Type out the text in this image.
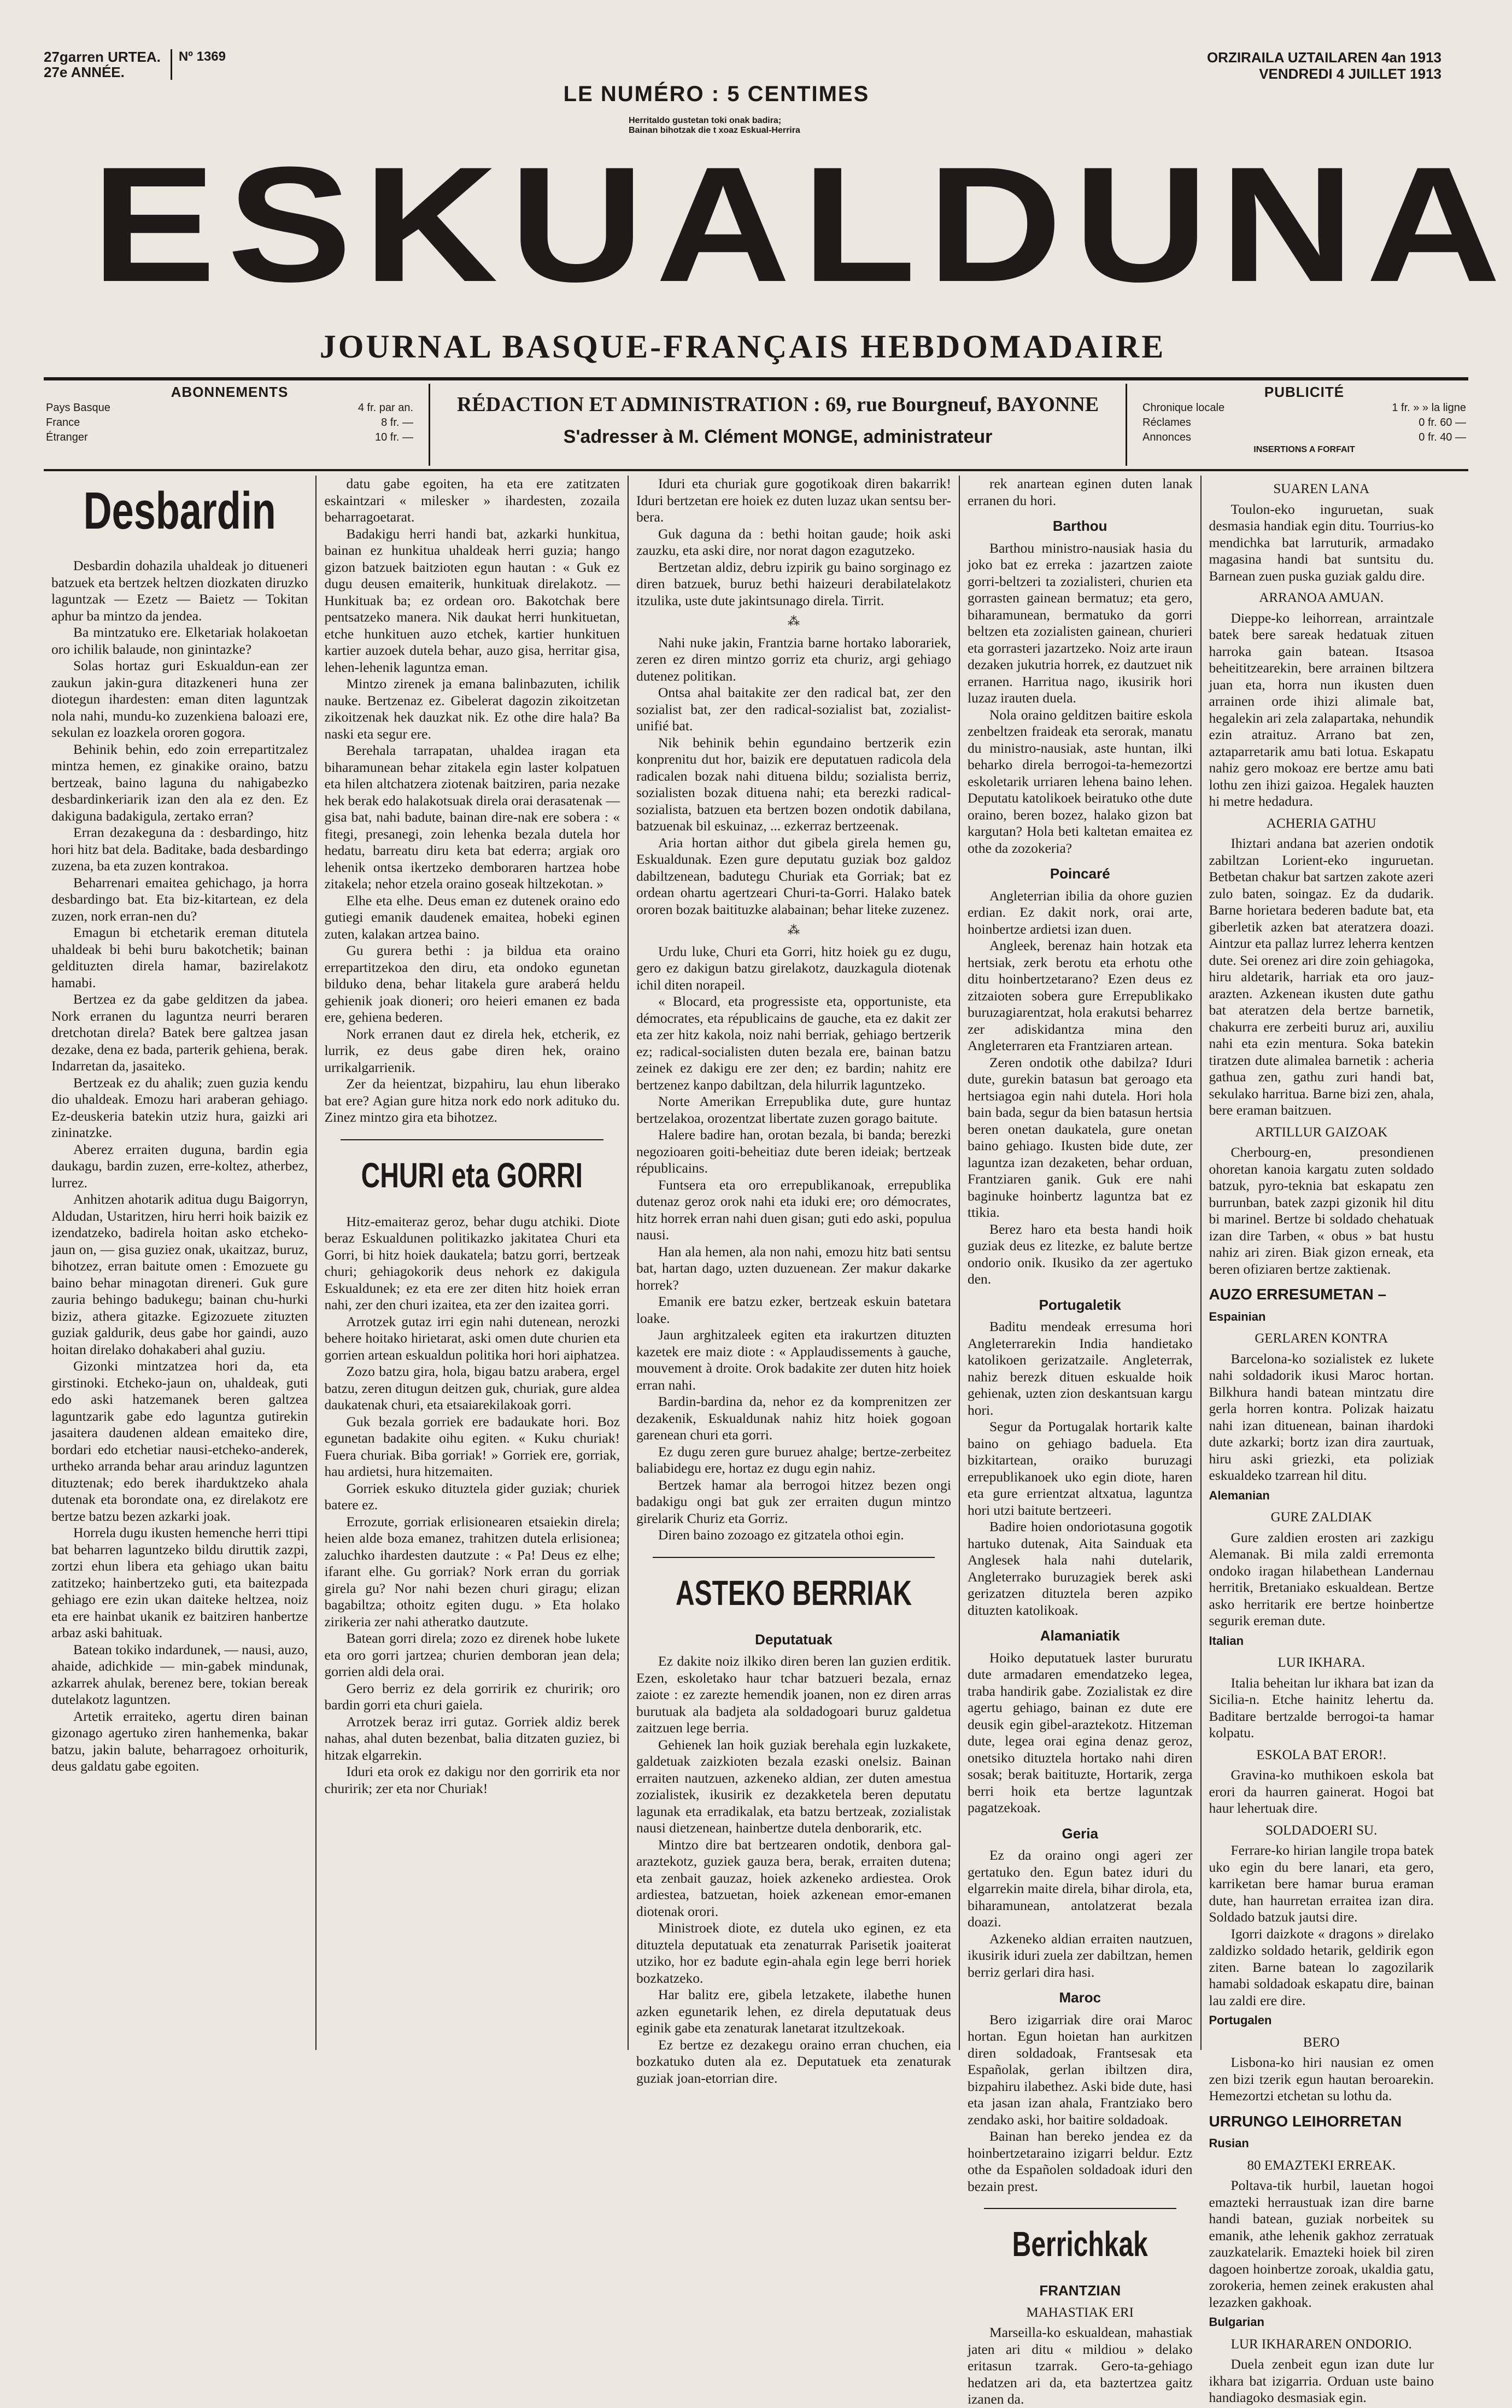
27garren URTEA.
27e ANNÉE.
Nº 1369
LE NUMÉRO : 5 CENTIMES
ORZIRAILA UZTAILAREN 4an 1913
VENDREDI 4 JUILLET 1913
Herritaldo gustetan toki onak badira;
Bainan bihotzak die t xoaz Eskual-Herrira
ESKUALDUNA
JOURNAL BASQUE-FRANÇAIS HEBDOMADAIRE
ABONNEMENTS
Pays Basque	4 fr. par an.
France	8 fr. —
Étranger	10 fr. —
RÉDACTION ET ADMINISTRATION : 69, rue Bourgneuf, BAYONNE
S'adresser à M. Clément MONGE, administrateur
PUBLICITÉ
Chronique locale	1 fr. » » la ligne
Réclames	0 fr. 60 —
Annonces	0 fr. 40 —
INSERTIONS A FORFAIT
Desbardin

Desbardin dohazila uhaldeak jo ditueneri batzuek eta bertzek heltzen diozkaten diruzko laguntzak — Ezetz — Baietz — Tokitan aphur ba mintzo da jendea.

Ba mintzatuko ere. Elketariak holakoetan oro ichilik balaude, non ginintazke?

Solas hortaz guri Eskualdun-ean zer zaukun jakin-gura ditazkeneri huna zer diotegun ihardesten: eman diten laguntzak nola nahi, mundu-ko zuzenkiena baloazi ere, sekulan ez loazkela ororen gogora.

Behinik behin, edo zoin errepartitzalez mintza hemen, ez ginakike oraino, batzu bertzeak, baino laguna du nahigabezko desbardinkeriarik izan den ala ez den. Ez dakiguna badakigula, zertako erran?

Erran dezakeguna da : desbardingo, hitz hori hitz bat dela. Baditake, bada desbardingo zuzena, ba eta zuzen kontrakoa.

Beharrenari emaitea gehichago, ja horra desbardingo bat. Eta biz-kitartean, ez dela zuzen, nork erran-nen du?

Emagun bi etchetarik ereman ditutela uhaldeak bi behi buru bakotchetik; bainan geldituzten direla hamar, bazirelakotz hamabi.

Bertzea ez da gabe gelditzen da jabea. Nork erranen du laguntza neurri beraren dretchotan direla? Batek bere galtzea jasan dezake, dena ez bada, parterik gehiena, berak. Indarretan da, jasaiteko.

Bertzeak ez du ahalik; zuen guzia kendu dio uhaldeak. Emozu hari araberan gehiago. Ez-deuskeria batekin utziz hura, gaizki ari zininatzke.

Aberez erraiten duguna, bardin egia daukagu, bardin zuzen, erre-koltez, atherbez, lurrez.

Anhitzen ahotarik aditua dugu Baigorryn, Aldudan, Ustaritzen, hiru herri hoik baizik ez izendatzeko, badirela hoitan asko etcheko-jaun on, — gisa guziez onak, ukaitzaz, buruz, bihotzez, erran baitute omen : Emozuete gu baino behar minagotan direneri. Guk gure zauria behingo badukegu; bainan chu-hurki biziz, athera gitazke. Egizozuete zituzten guziak galdurik, deus gabe hor gaindi, auzo hoitan direlako dohakaberi ahal guziu.

Gizonki mintzatzea hori da, eta girstinoki. Etcheko-jaun on, uhaldeak, guti edo aski hatzemanek beren galtzea laguntzarik gabe edo laguntza gutirekin jasaitera daudenen aldean emaiteko dire, bordari edo etchetiar nausi-etcheko-anderek, urtheko arranda behar arau arinduz laguntzen dituztenak; edo berek iharduktzeko ahala dutenak eta borondate ona, ez direlakotz ere bertze batzu bezen azkarki joak.

Horrela dugu ikusten hemenche herri ttipi bat beharren laguntzeko bildu diruttik zazpi, zortzi ehun libera eta gehiago ukan baitu zatitzeko; hainbertzeko guti, eta baitezpada gehiago ere ezin ukan daiteke heltzea, noiz eta ere hainbat ukanik ez baitziren hanbertze arbaz aski bahituak.

Batean tokiko indardunek, — nausi, auzo, ahaide, adichkide — min-gabek mindunak, azkarrek ahulak, berenez bere, tokian bereak dutelakotz laguntzen.

Artetik erraiteko, agertu diren bainan gizonago agertuko ziren hanhemenka, bakar batzu, jakin balute, beharragoez orhoiturik, deus galdatu gabe egoiten.

datu gabe egoiten, ha eta ere zatitzaten eskaintzari « milesker » ihardesten, zozaila beharragoetarat.

Badakigu herri handi bat, azkarki hunkitua, bainan ez hunkitua uhaldeak herri guzia; hango gizon batzuek baitzioten egun hautan : « Guk ez dugu deusen emaiterik, hunkituak direlakotz. — Hunkituak ba; ez ordean oro. Bakotchak bere pentsatzeko manera. Nik daukat herri hunkituetan, etche hunkituen auzo etchek, kartier hunkituen kartier auzoek dutela behar, auzo gisa, herritar gisa, lehen-lehenik laguntza eman.

Mintzo zirenek ja emana balinbazuten, ichilik nauke. Bertzenaz ez. Gibelerat dagozin zikoitzetan zikoitzenak hek dauzkat nik. Ez othe dire hala? Ba naski eta segur ere.

Berehala tarrapatan, uhaldea iragan eta biharamunean behar zitakela egin laster kolpatuen eta hilen altchatzera ziotenak baitziren, paria nezake hek berak edo halakotsuak direla orai derasatenak — gisa bat, nahi badute, bainan dire-nak ere sobera : « fitegi, presanegi, zoin lehenka bezala dutela hor hedatu, barreatu diru keta bat ederra; argiak oro lehenik ontsa ikertzeko demboraren hartzea hobe zitakela; nehor etzela oraino goseak hiltzekotan. »

Elhe eta elhe. Deus eman ez dutenek oraino edo gutiegi emanik daudenek emaitea, hobeki eginen zuten, kalakan artzea baino.

Gu gurera bethi : ja bildua eta oraino errepartitzekoa den diru, eta ondoko egunetan bilduko dena, behar litakela gure araberá heldu gehienik joak dioneri; oro heieri emanen ez bada ere, gehiena bederen.

Nork erranen daut ez direla hek, etcherik, ez lurrik, ez deus gabe diren hek, oraino urrikalgarrienik.

Zer da heientzat, bizpahiru, lau ehun liberako bat ere? Agian gure hitza nork edo nork adituko du. Zinez mintzo gira eta bihotzez.

CHURI eta GORRI

Hitz-emaiteraz geroz, behar dugu atchiki. Diote beraz Eskualdunen politikazko jakitatea Churi eta Gorri, bi hitz hoiek daukatela; batzu gorri, bertzeak churi; gehiagokorik deus nehork ez dakigula Eskualdunek; ez eta ere zer diten hitz hoiek erran nahi, zer den churi izaitea, eta zer den izaitea gorri.

Arrotzek gutaz irri egin nahi dutenean, nerozki behere hoitako hirietarat, aski omen dute churien eta gorrien artean eskualdun politika hori hori aiphatzea.

Zozo batzu gira, hola, bigau batzu arabera, ergel batzu, zeren ditugun deitzen guk, churiak, gure aldea daukatenak churi, eta etsaiarekilakoak gorri.

Guk bezala gorriek ere badaukate hori. Boz egunetan badakite oihu egiten. « Kuku churiak! Fuera churiak. Biba gorriak! » Gorriek ere, gorriak, hau ardietsi, hura hitzemaiten.

Gorriek eskuko dituztela gider guziak; churiek batere ez.

Errozute, gorriak erlisionearen etsaiekin direla; heien alde boza emanez, trahitzen dutela erlisionea; zaluchko ihardesten dautzute : « Pa! Deus ez elhe; ifarant elhe. Gu gorriak? Nork erran du gorriak girela gu? Nor nahi bezen churi giragu; elizan bagabiltza; othoitz egiten dugu. » Eta holako zirikeria zer nahi atheratko dautzute.

Batean gorri direla; zozo ez direnek hobe lukete eta oro gorri jartzea; churien demboran jean dela; gorrien aldi dela orai.

Gero berriz ez dela gorririk ez churirik; oro bardin gorri eta churi gaiela.

Arrotzek beraz irri gutaz. Gorriek aldiz berek nahas, ahal duten bezenbat, balia ditzaten guziez, bi hitzak elgarrekin.

Iduri eta orok ez dakigu nor den gorririk eta nor churirik; zer eta nor Churiak!

Iduri eta churiak gure gogotikoak diren bakarrik! Iduri bertzetan ere hoiek ez duten luzaz ukan sentsu ber-bera.

Guk daguna da : bethi hoitan gaude; hoik aski zauzku, eta aski dire, nor norat dagon ezagutzeko.

Bertzetan aldiz, debru izpirik gu baino sorginago ez diren batzuek, buruz bethi haizeuri derabilatelakotz itzulika, uste dute jakintsunago direla. Tirrit.

⁂

Nahi nuke jakin, Frantzia barne hortako laborariek, zeren ez diren mintzo gorriz eta churiz, argi gehiago dutenez politikan.

Ontsa ahal baitakite zer den radical bat, zer den sozialist bat, zer den radical-sozialist bat, zozialist-unifié bat.

Nik behinik behin egundaino bertzerik ezin konprenitu dut hor, baizik ere deputatuen radicola dela radicalen bozak nahi dituena bildu; sozialista berriz, sozialisten bozak dituena nahi; eta berezki radical-sozialista, batzuen eta bertzen bozen ondotik dabilana, batzuenak bil eskuinaz, ... ezkerraz bertzeenak.

Aria hortan aithor dut gibela girela hemen gu, Eskualdunak. Ezen gure deputatu guziak boz galdoz dabiltzenean, badutegu Churiak eta Gorriak; bat ez ordean ohartu agertzeari Churi-ta-Gorri. Halako batek ororen bozak baitituzke alabainan; behar liteke zuzenez.

⁂

Urdu luke, Churi eta Gorri, hitz hoiek gu ez dugu, gero ez dakigun batzu girelakotz, dauzkagula diotenak ichil diten norapeil.

« Blocard, eta progressiste eta, opportuniste, eta démocrates, eta républicains de gauche, eta ez dakit zer eta zer hitz kakola, noiz nahi berriak, gehiago bertzerik ez; radical-socialisten duten bezala ere, bainan batzu zeinek ez dakigu ere zer den; ez bardin; nahitz ere bertzenez kanpo dabiltzan, dela hilurrik laguntzeko.

Norte Amerikan Errepublika dute, gure huntaz bertzelakoa, orozentzat libertate zuzen gorago baitute.

Halere badire han, orotan bezala, bi banda; berezki negozioaren goiti-beheitiaz dute beren ideiak; bertzeak républicains.

Funtsera eta oro errepublikanoak, errepublika dutenaz geroz orok nahi eta iduki ere; oro démocrates, hitz horrek erran nahi duen gisan; guti edo aski, populua nausi.

Han ala hemen, ala non nahi, emozu hitz bati sentsu bat, hartan dago, uzten duzuenean. Zer makur dakarke horrek?

Emanik ere batzu ezker, bertzeak eskuin batetara loake.

Jaun arghitzaleek egiten eta irakurtzen dituzten kazetek ere maiz diote : « Applaudissements à gauche, mouvement à droite. Orok badakite zer duten hitz hoiek erran nahi.

Bardin-bardina da, nehor ez da komprenitzen zer dezakenik, Eskualdunak nahiz hitz hoiek gogoan garenean churi eta gorri.

Ez dugu zeren gure buruez ahalge; bertze-zerbeitez baliabidegu ere, hortaz ez dugu egin nahiz.

Bertzek hamar ala berrogoi hitzez bezen ongi badakigu ongi bat guk zer erraiten dugun mintzo girelarik Churiz eta Gorriz.

Diren baino zozoago ez gitzatela othoi egin.

ASTEKO BERRIAK
Deputatuak

Ez dakite noiz ilkiko diren beren lan guzien erditik. Ezen, eskoletako haur tchar batzueri bezala, ernaz zaiote : ez zarezte hemendik joanen, non ez diren arras burutuak ala badjeta ala soldadogoari buruz galdetua zaitzuen lege berria.

Gehienek lan hoik guziak berehala egin luzkakete, galdetuak zaizkioten bezala ezaski onelsiz. Bainan erraiten nautzuen, azkeneko aldian, zer duten amestua zozialistek, ikusirik ez dezakketela beren deputatu lagunak eta erradikalak, eta batzu bertzeak, zozialistak nausi dietzenean, hainbertze dutela denborarik, etc.

Mintzo dire bat bertzearen ondotik, denbora gal-araztekotz, guziek gauza bera, berak, erraiten dutena; eta zenbait gauzaz, hoiek azkeneko ardiestea. Orok ardiestea, batzuetan, hoiek azkenean emor-emanen diotenak orori.

Ministroek diote, ez dutela uko eginen, ez eta dituztela deputatuak eta zenaturrak Parisetik joaiterat utziko, hor ez badute egin-ahala egin lege berri horiek bozkatzeko.

Har balitz ere, gibela letzakete, ilabethe hunen azken egunetarik lehen, ez direla deputatuak deus eginik gabe eta zenaturak lanetarat itzultzekoak.

Ez bertze ez dezakegu oraino erran chuchen, eia bozkatuko duten ala ez. Deputatuek eta zenaturak guziak joan-etorrian dire.

rek anartean eginen duten lanak erranen du hori.

Barthou

Barthou ministro-nausiak hasia du joko bat ez erreka : jazartzen zaiote gorri-beltzeri ta zozialisteri, churien eta gorrasten gainean bermatuz; eta gero, biharamunean, bermatuko da gorri beltzen eta zozialisten gainean, churieri eta gorrasteri jazartzeko. Noiz arte iraun dezaken jukutria horrek, ez dautzuet nik erranen. Harritua nago, ikusirik hori luzaz irauten duela.

Nola oraino gelditzen baitire eskola zenbeltzen fraideak eta serorak, manatu du ministro-nausiak, aste huntan, ilki beharko direla berrogoi-ta-hemezortzi eskoletarik urriaren lehena baino lehen. Deputatu katolikoek beiratuko othe dute oraino, beren bozez, halako gizon bat kargutan? Hola beti kaltetan emaitea ez othe da zozokeria?

Poincaré

Angleterrian ibilia da ohore guzien erdian. Ez dakit nork, orai arte, hoinbertze ardietsi izan duen.

Angleek, berenaz hain hotzak eta hertsiak, zerk berotu eta erhotu othe ditu hoinbertzetarano? Ezen deus ez zitzaioten sobera gure Errepublikako buruzagiarentzat, hola erakutsi beharrez zer adiskidantza mina den Angleterraren eta Frantziaren artean.

Zeren ondotik othe dabilza? Iduri dute, gurekin batasun bat geroago eta hertsiagoa egin nahi dutela. Hori hola bain bada, segur da bien batasun hertsia beren onetan daukatela, gure onetan baino gehiago. Ikusten bide dute, zer laguntza izan dezaketen, behar orduan, Frantziaren ganik. Guk ere nahi baginuke hoinbertz laguntza bat ez ttikia.

Berez haro eta besta handi hoik guziak deus ez litezke, ez balute bertze ondorio onik. Ikusiko da zer agertuko den.

Portugaletik

Baditu mendeak erresuma hori Angleterrarekin India handietako katolikoen gerizatzaile. Angleterrak, nahiz berezk dituen eskualde hoik gehienak, uzten zion deskantsuan kargu hori.

Segur da Portugalak hortarik kalte baino on gehiago baduela. Eta bizkitartean, oraiko buruzagi errepublikanoek uko egin diote, haren eta gure errientzat altxatua, laguntza hori utzi baitute bertzeeri.

Badire hoien ondoriotasuna gogotik hartuko dutenak, Aita Sainduak eta Anglesek hala nahi dutelarik, Angleterrako buruzagiek berek aski gerizatzen dituztela beren azpiko dituzten katolikoak.

Alamaniatik

Hoiko deputatuek laster bururatu dute armadaren emendatzeko legea, traba handirik gabe. Zozialistak ez dire agertu gehiago, bainan ez dute ere deusik egin gibel-araztekotz. Hitzeman dute, legea orai egina denaz geroz, onetsiko dituztela hortako nahi diren sosak; berak baitituzte, Hortarik, zerga berri hoik eta bertze laguntzak pagatzekoak.

Geria

Ez da oraino ongi ageri zer gertatuko den. Egun batez iduri du elgarrekin maite direla, bihar dirola, eta, biharamunean, antolatzerat bezala doazi.

Azkeneko aldian erraiten nautzuen, ikusirik iduri zuela zer dabiltzan, hemen berriz gerlari dira hasi.

Maroc

Bero izigarriak dire orai Maroc hortan. Egun hoietan han aurkitzen diren soldadoak, Frantsesak eta Españolak, gerlan ibiltzen dira, bizpahiru ilabethez. Aski bide dute, hasi eta jasan izan ahala, Frantziako bero zendako aski, hor baitire soldadoak.

Bainan han bereko jendea ez da hoinbertzetaraino izigarri beldur. Eztz othe da Españolen soldadoak iduri den bezain prest.

Berrichkak
FRANTZIAN
MAHASTIAK ERI

Marseilla-ko eskualdean, mahastiak jaten ari ditu « mildiou » delako eritasun tzarrak. Gero-ta-gehiago hedatzen ari da, eta baztertzea gaitz izanen da.

SUAREN LANA

Toulon-eko inguruetan, suak desmasia handiak egin ditu. Tourrius-ko mendichka bat larruturik, armadako magasina handi bat suntsitu du. Barnean zuen puska guziak galdu dire.

ARRANOA AMUAN.

Dieppe-ko leihorrean, arraintzale batek bere sareak hedatuak zituen harroka gain batean. Itsasoa beheititzearekin, bere arrainen biltzera juan eta, horra nun ikusten duen arrainen orde ihizi alimale bat, hegalekin ari zela zalapartaka, nehundik ezin atraituz. Arrano bat zen, aztaparretarik amu bati lotua. Eskapatu nahiz gero mokoaz ere bertze amu bati lothu zen ihizi gaizoa. Hegalek hauzten hi metre hedadura.

ACHERIA GATHU

Ihiztari andana bat azerien ondotik zabiltzan Lorient-eko inguruetan. Betbetan chakur bat sartzen zakote azeri zulo baten, soingaz. Ez da dudarik. Barne horietara bederen badute bat, eta giberletik azken bat ateratzera doazi. Aintzur eta pallaz lurrez leherra kentzen dute. Sei orenez ari dire zoin gehiagoka, hiru aldetarik, harriak eta oro jauz-arazten. Azkenean ikusten dute gathu bat ateratzen dela bertze barnetik, chakurra ere zerbeiti buruz ari, auxiliu nahi eta ezin mentura. Soka batekin tiratzen dute alimalea barnetik : acheria gathua zen, gathu zuri handi bat, sekulako harritua. Barne bizi zen, ahala, bere eraman baitzuen.

ARTILLUR GAIZOAK

Cherbourg-en, presondienen ohoretan kanoia kargatu zuten soldado batzuk, pyro-teknia bat eskapatu zen burrunban, batek zazpi gizonik hil ditu bi marinel. Bertze bi soldado chehatuak izan dire Tarben, « obus » bat hustu nahiz ari ziren. Biak gizon erneak, eta beren ofiziaren bertze zaktienak.

AUZO ERRESUMETAN –
Espainian
GERLAREN KONTRA

Barcelona-ko sozialistek ez lukete nahi soldadorik ikusi Maroc hortan. Bilkhura handi batean mintzatu dire gerla horren kontra. Polizak haizatu nahi izan dituenean, bainan ihardoki dute azkarki; bortz izan dira zaurtuak, hiru aski griezki, eta poliziak eskualdeko tzarrean hil ditu.

Alemanian
GURE ZALDIAK

Gure zaldien erosten ari zazkigu Alemanak. Bi mila zaldi erremonta ondoko iragan hilabethean Landernau herritik, Bretaniako eskualdean. Bertze asko herritarik ere bertze hoinbertze segurik ereman dute.

Italian
LUR IKHARA.

Italia beheitan lur ikhara bat izan da Sicilia-n. Etche hainitz lehertu da. Baditare bertzalde berrogoi-ta hamar kolpatu.

ESKOLA BAT EROR!.

Gravina-ko muthikoen eskola bat erori da haurren gainerat. Hogoi bat haur lehertuak dire.

SOLDADOERI SU.

Ferrare-ko hirian langile tropa batek uko egin du bere lanari, eta gero, karriketan bere hamar burua eraman dute, han haurretan erraitea izan dira. Soldado batzuk jautsi dire.

Igorri daizkote « dragons » direlako zaldizko soldado hetarik, geldirik egon ziten. Barne batean lo zagozilarik hamabi soldadoak eskapatu dire, bainan lau zaldi ere dire.

Portugalen
BERO

Lisbona-ko hiri nausian ez omen zen bizi tzerik egun hautan beroarekin. Hemezortzi etchetan su lothu da.

URRUNGO LEIHORRETAN
Rusian
80 EMAZTEKI ERREAK.

Poltava-tik hurbil, lauetan hogoi emazteki herraustuak izan dire barne handi batean, guziak norbeitek su emanik, athe lehenik gakhoz zerratuak zauzkatelarik. Emazteki hoiek bil ziren dagoen hoinbertze zoroak, ukaldia gatu, zorokeria, hemen zeinek erakusten ahal lezazken gakhoak.

Bulgarian
LUR IKHARAREN ONDORIO.

Duela zenbeit egun izan dute lur ikhara bat izigarria. Orduan uste baino handiagoko desmasiak egin.
